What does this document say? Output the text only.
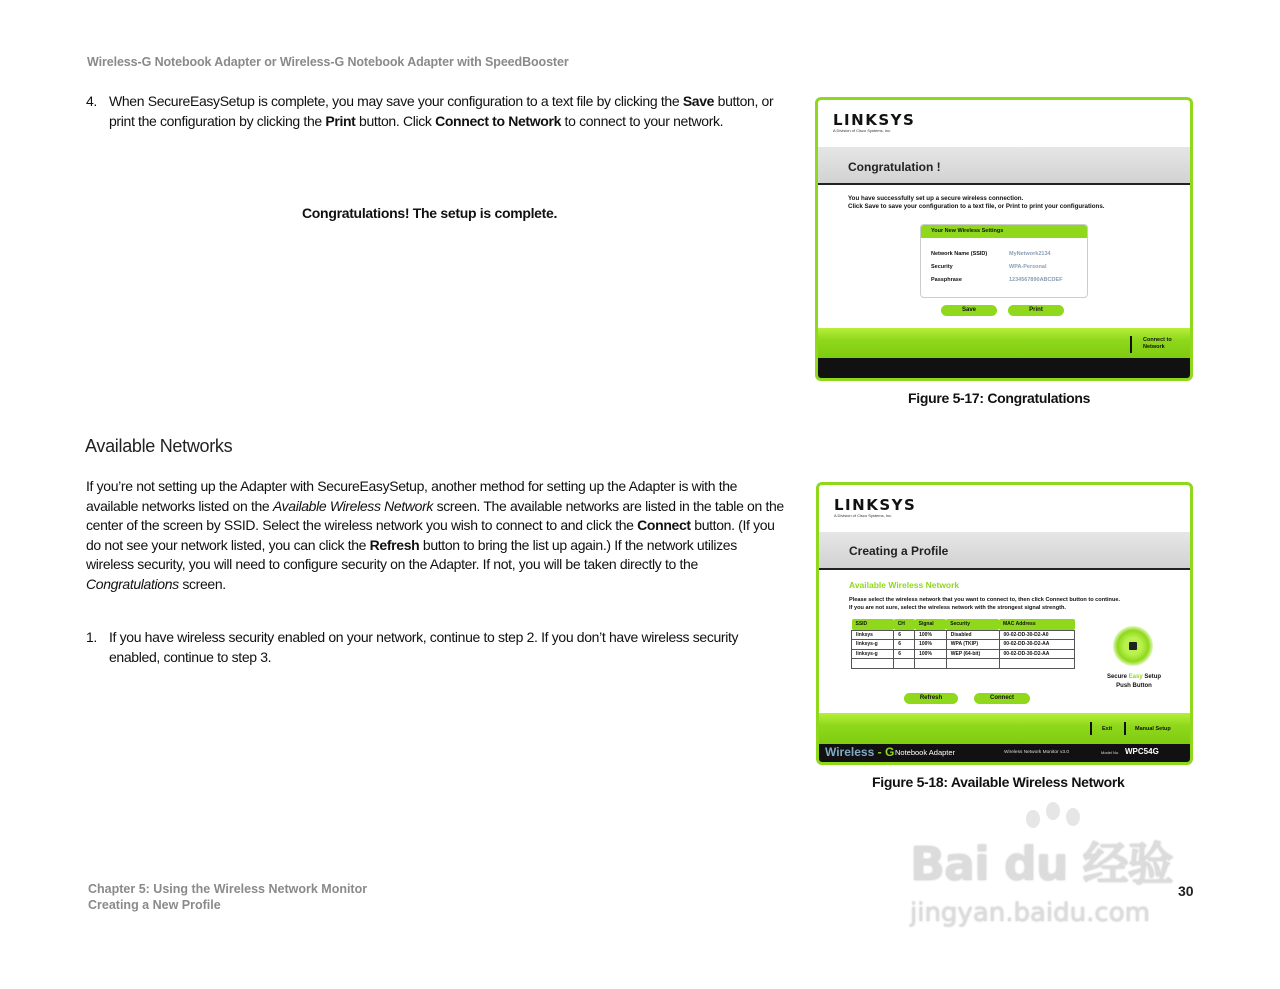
Wireless-G Notebook Adapter or Wireless-G Notebook Adapter with SpeedBooster
4. When SecureEasySetup is complete, you may save your configuration to a text file by clicking the Save button, or print the configuration by clicking the Print button. Click Connect to Network to connect to your network.
Congratulations! The setup is complete.
Available Networks
If you’re not setting up the Adapter with SecureEasySetup, another method for setting up the Adapter is with the available networks listed on the Available Wireless Network screen. The available networks are listed in the table on the center of the screen by SSID. Select the wireless network you wish to connect to and click the Connect button. (If you do not see your network listed, you can click the Refresh button to bring the list up again.) If the network utilizes wireless security, you will need to configure security on the Adapter. If not, you will be taken directly to the Congratulations screen.
1. If you have wireless security enabled on your network, continue to step 2. If you don’t have wireless security enabled, continue to step 3.
LINKSYS
A Division of Cisco Systems, Inc.
Congratulation !
You have successfully set up a secure wireless connection.
Click Save to save your configuration to a text file, or Print to print your configurations.
Your New Wireless Settings
Network Name (SSID)	MyNetwork2134
Security	WPA-Personal
Passphrase	1234567890ABCDEF
Save	Print
Connect to
Network
Figure 5-17: Congratulations
LINKSYS
A Division of Cisco Systems, Inc.
Creating a Profile
Available Wireless Network
Please select the wireless network that you want to connect to, then click Connect button to continue.
If you are not sure, select the wireless network with the strongest signal strength.
SSID	CH	Signal	Security	MAC Address
linksys	6	100%	Disabled	00-02-DD-30-D2-A0
linksys-g	6	100%	WPA (TKIP)	00-02-DD-30-D2-AA
linksys-g	6	100%	WEP (64-bit)	00-02-DD-30-D2-AA

Secure Easy Setup
Push Button
Refresh	Connect
Exit	Manual Setup
Wireless - G Notebook Adapter	Wireless Network Monitor v3.0	Model No. WPC54G
Figure 5-18: Available Wireless Network
Chapter 5: Using the Wireless Network Monitor
Creating a New Profile
30
Bai du 经验
jingyan.baidu.com
